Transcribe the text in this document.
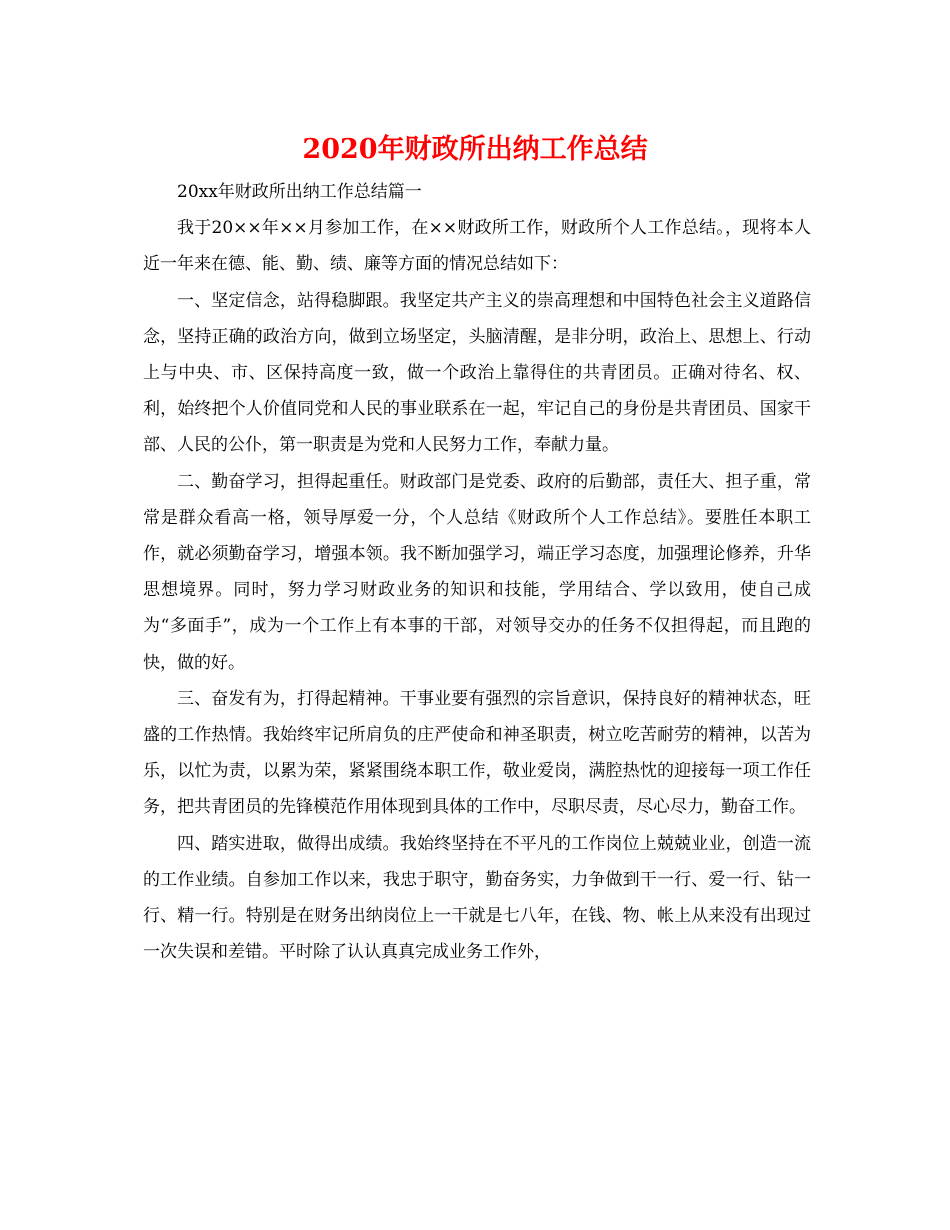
2020年财政所出纳工作总结

20xx年财政所出纳工作总结篇一

我于20××年××月参加工作，在××财政所工作，财政所个人工作总结。，现将本人近一年来在德、能、勤、绩、廉等方面的情况总结如下：

一、坚定信念，站得稳脚跟。我坚定共产主义的崇高理想和中国特色社会主义道路信念，坚持正确的政治方向，做到立场坚定，头脑清醒，是非分明，政治上、思想上、行动上与中央、市、区保持高度一致，做一个政治上靠得住的共青团员。正确对待名、权、利，始终把个人价值同党和人民的事业联系在一起，牢记自己的身份是共青团员、国家干部、人民的公仆，第一职责是为党和人民努力工作，奉献力量。

二、勤奋学习，担得起重任。财政部门是党委、政府的后勤部，责任大、担子重，常常是群众看高一格，领导厚爱一分，个人总结《财政所个人工作总结》。要胜任本职工作，就必须勤奋学习，增强本领。我不断加强学习，端正学习态度，加强理论修养，升华思想境界。同时，努力学习财政业务的知识和技能，学用结合、学以致用，使自己成为“多面手”，成为一个工作上有本事的干部，对领导交办的任务不仅担得起，而且跑的快，做的好。

三、奋发有为，打得起精神。干事业要有强烈的宗旨意识，保持良好的精神状态，旺盛的工作热情。我始终牢记所肩负的庄严使命和神圣职责，树立吃苦耐劳的精神，以苦为乐，以忙为责，以累为荣，紧紧围绕本职工作，敬业爱岗，满腔热忱的迎接每一项工作任务，把共青团员的先锋模范作用体现到具体的工作中，尽职尽责，尽心尽力，勤奋工作。

四、踏实进取，做得出成绩。我始终坚持在不平凡的工作岗位上兢兢业业，创造一流的工作业绩。自参加工作以来，我忠于职守，勤奋务实，力争做到干一行、爱一行、钻一行、精一行。特别是在财务出纳岗位上一干就是七八年，在钱、物、帐上从来没有出现过一次失误和差错。平时除了认认真真完成业务工作外，
